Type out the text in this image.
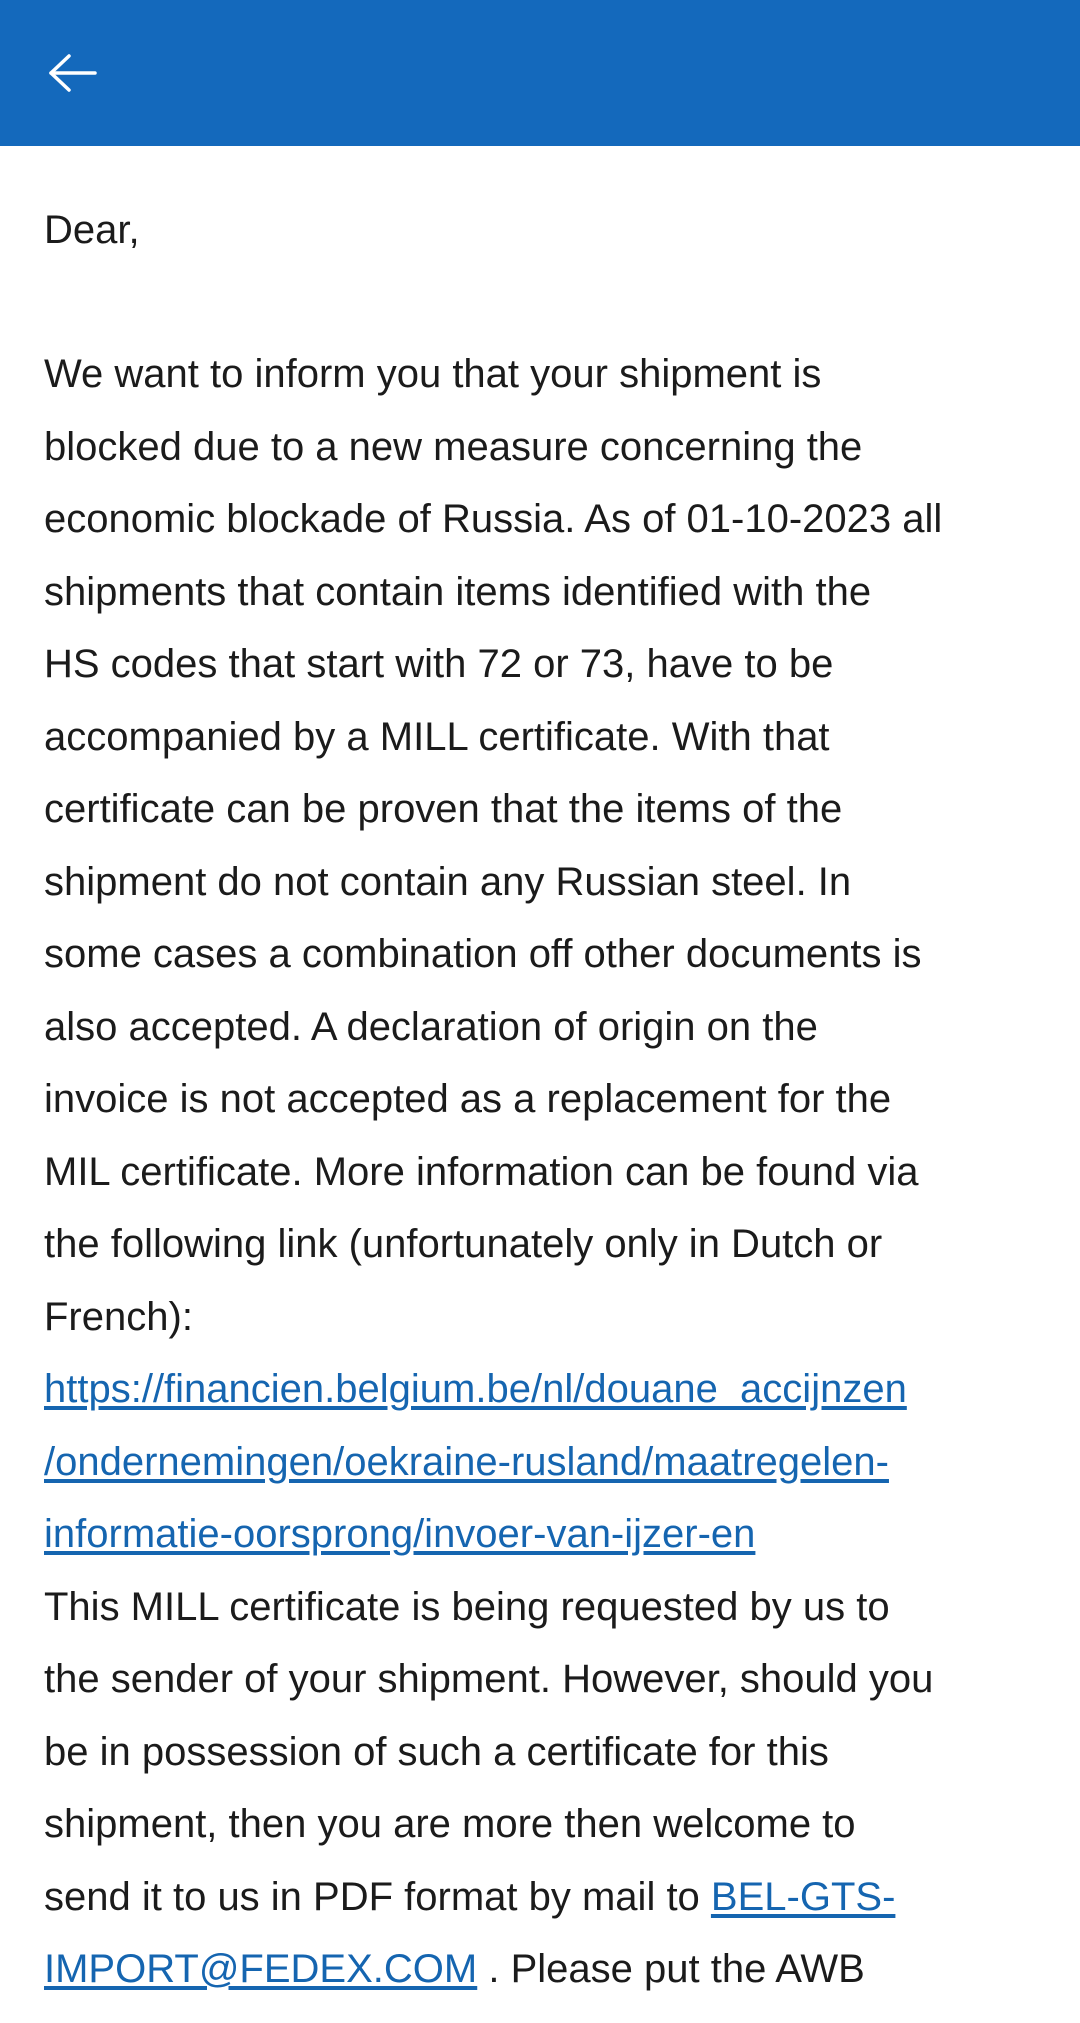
Dear,

We want to inform you that your shipment is
blocked due to a new measure concerning the
economic blockade of Russia. As of 01-10-2023 all
shipments that contain items identified with the
HS codes that start with 72 or 73, have to be
accompanied by a MILL certificate. With that
certificate can be proven that the items of the
shipment do not contain any Russian steel. In
some cases a combination off other documents is
also accepted. A declaration of origin on the
invoice is not accepted as a replacement for the
MIL certificate. More information can be found via
the following link (unfortunately only in Dutch or
French):
https://financien.belgium.be/nl/douane_accijnzen
/ondernemingen/oekraine-rusland/maatregelen-
informatie-oorsprong/invoer-van-ijzer-en
This MILL certificate is being requested by us to
the sender of your shipment. However, should you
be in possession of such a certificate for this
shipment, then you are more then welcome to
send it to us in PDF format by mail to BEL-GTS-
IMPORT@FEDEX.COM . Please put the AWB
